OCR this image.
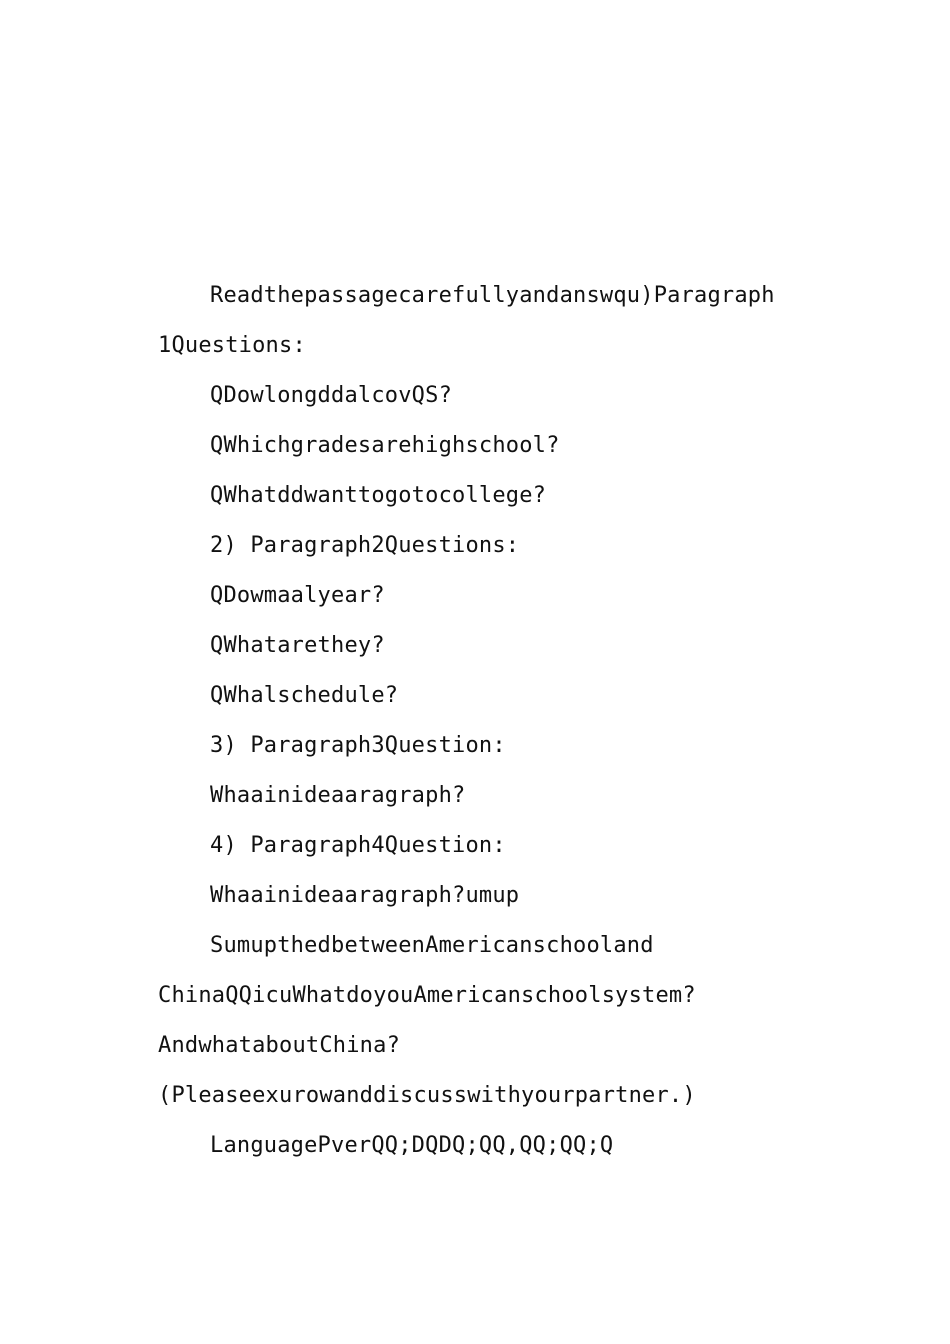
Readthepassagecarefullyandanswqu)Paragraph
1Questions:
QDowlongddalcovQS?
QWhichgradesarehighschool?
QWhatddwanttogotocollege?
2) Paragraph2Questions:
QDowmaalyear?
QWhatarethey?
QWhalschedule?
3) Paragraph3Question:
Whaainideaaragraph?
4) Paragraph4Question:
Whaainideaaragraph?umup
SumupthedbetweenAmericanschooland
ChinaQQicuWhatdoyouAmericanschoolsystem?
AndwhataboutChina?
(Pleaseexurowanddiscusswithyourpartner.)
LanguagePverQQ;DQDQ;QQ,QQ;QQ;Q
